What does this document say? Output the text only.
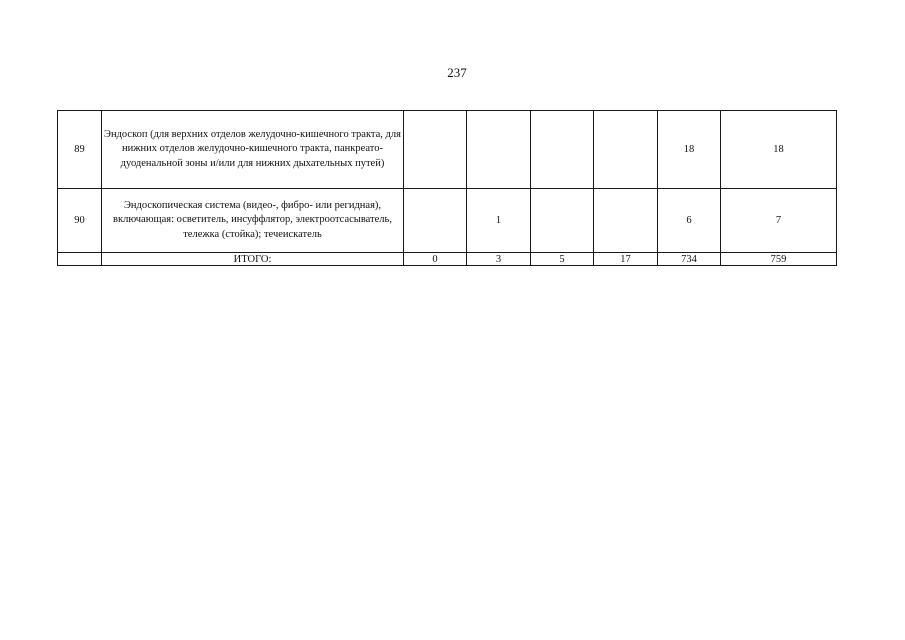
237
89	Эндоскоп (для верхних отделов желудочно-кишечного тракта, для нижних отделов желудочно-кишечного тракта, панкреато-дуоденальной зоны и/или для нижних дыхательных путей)					18	18
90	Эндоскопическая система (видео-, фибро- или регидная), включающая: осветитель, инсуффлятор, электроотсасыватель, тележка (стойка); течеискатель		1			6	7
	ИТОГО:	0	3	5	17	734	759
